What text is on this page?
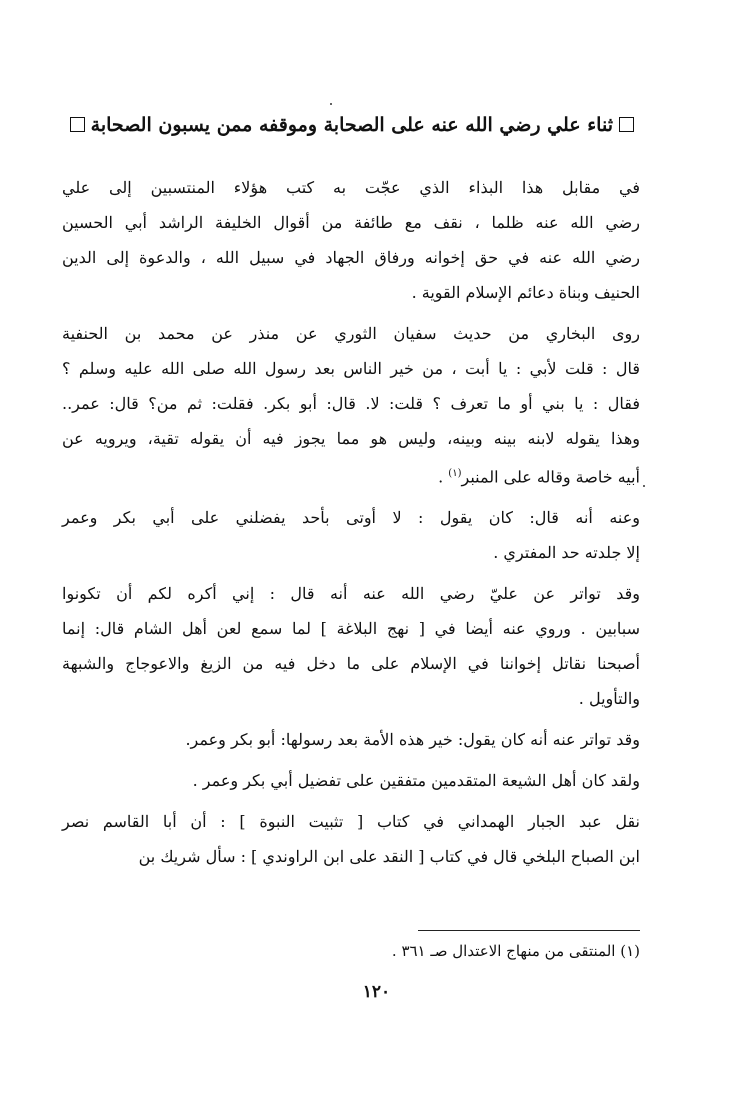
ثناء علي رضي الله عنه على الصحابة وموقفه ممن يسبون الصحابة
في مقابل هذا البذاء الذي عجّت به كتب هؤلاء المنتسبين إلى علي
رضي الله عنه ظلما ، نقف مع طائفة من أقوال الخليفة الراشد أبي الحسين
رضي الله عنه في حق إخوانه ورفاق الجهاد في سبيل الله ، والدعوة إلى الدين
الحنيف وبناة دعائم الإسلام القوية .
روى البخاري من حديث سفيان الثوري عن منذر عن محمد بن الحنفية
قال : قلت لأبي : يا أبت ، من خير الناس بعد رسول الله صلى الله عليه وسلم ؟
فقال : يا بني أو ما تعرف ؟ قلت: لا. قال: أبو بكر. فقلت: ثم من؟ قال: عمر..
وهذا يقوله لابنه بينه وبينه، وليس هو مما يجوز فيه أن يقوله تقية، ويرويه عن
أبيه خاصة وقاله على المنبر$^{(١)}$ .
وعنه أنه قال: كان يقول : لا أوتى بأحد يفضلني على أبي بكر وعمر
إلا جلدته حد المفتري .
وقد تواتر عن عليّ رضي الله عنه أنه قال : إني أكره لكم أن تكونوا
سبابين . وروي عنه أيضا في [ نهج البلاغة ] لما سمع لعن أهل الشام قال: إنما
أصبحنا نقاتل إخواننا في الإسلام على ما دخل فيه من الزيغ والاعوجاج والشبهة
والتأويل .
وقد تواتر عنه أنه كان يقول: خير هذه الأمة بعد رسولها: أبو بكر وعمر.
ولقد كان أهل الشيعة المتقدمين متفقين على تفضيل أبي بكر وعمر .
نقل عبد الجبار الهمداني في كتاب [ تثبيت النبوة ] : أن أبا القاسم نصر
ابن الصباح البلخي قال في كتاب [ النقد على ابن الراوندي ] : سأل شريك بن
(١) المنتقى من منهاج الاعتدال صـ ٣٦١ .
١٢٠
